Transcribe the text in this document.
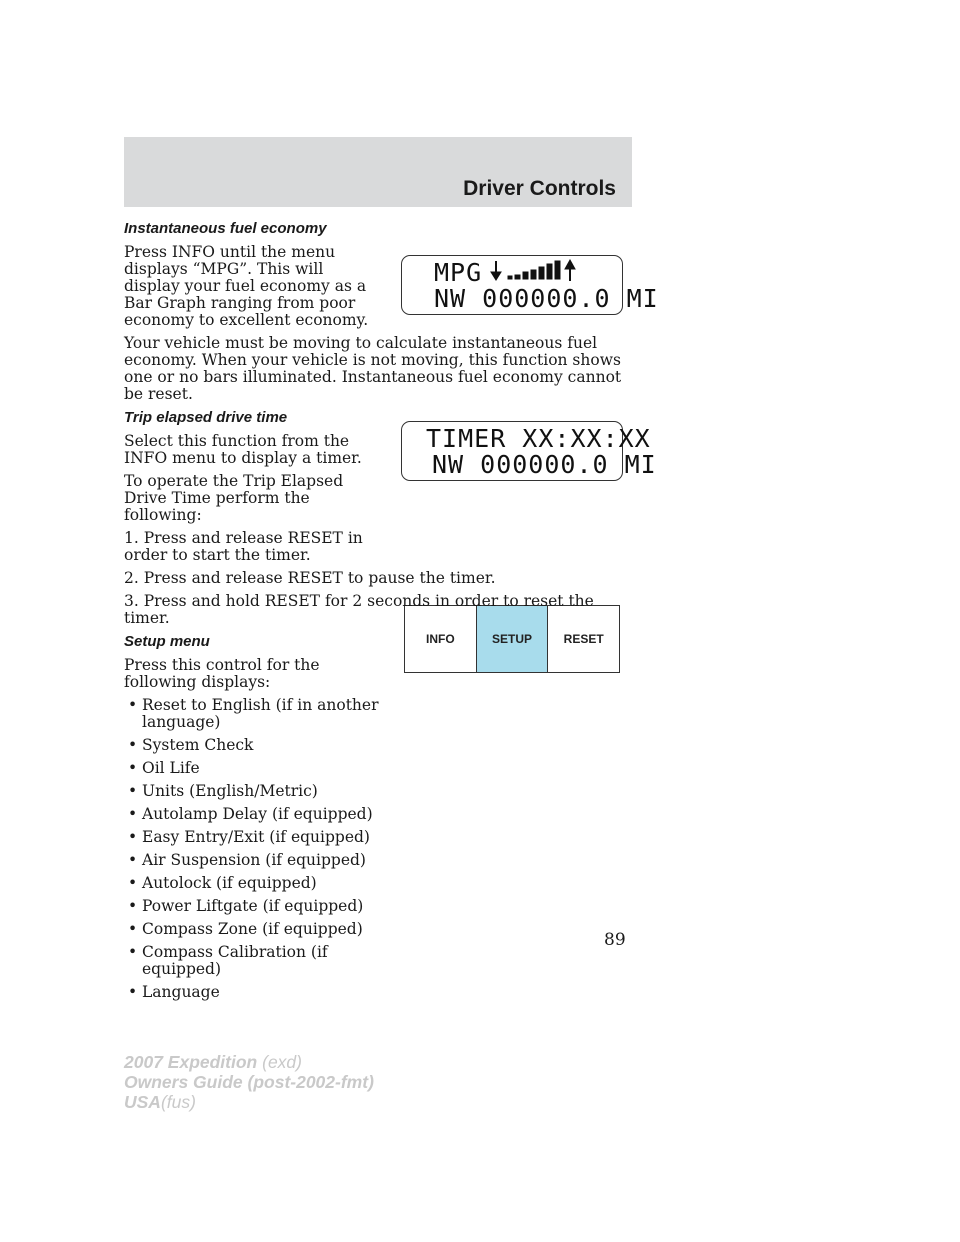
Driver Controls
MPG
NW 000000.0 MI
TIMER XX:XX:XX
NW 000000.0 MI
INFO	SETUP	RESET
Instantaneous fuel economy

Press INFO until the menu displays “MPG”. This will display your fuel economy as a Bar Graph ranging from poor economy to excellent economy.

Your vehicle must be moving to calculate instantaneous fuel economy. When your vehicle is not moving, this function shows one or no bars illuminated. Instantaneous fuel economy cannot be reset.

Trip elapsed drive time

Select this function from the INFO menu to display a timer.

To operate the Trip Elapsed Drive Time perform the following:

1. Press and release RESET in order to start the timer.

2. Press and release RESET to pause the timer.

3. Press and hold RESET for 2 seconds in order to reset the timer.

Setup menu

Press this control for the following displays:

• Reset to English (if in another language)
• System Check
• Oil Life
• Units (English/Metric)
• Autolamp Delay (if equipped)
• Easy Entry/Exit (if equipped)
• Air Suspension (if equipped)
• Autolock (if equipped)
• Power Liftgate (if equipped)
• Compass Zone (if equipped)
• Compass Calibration (if equipped)
• Language
89
2007 Expedition (exd)
Owners Guide (post-2002-fmt)
USA(fus)
